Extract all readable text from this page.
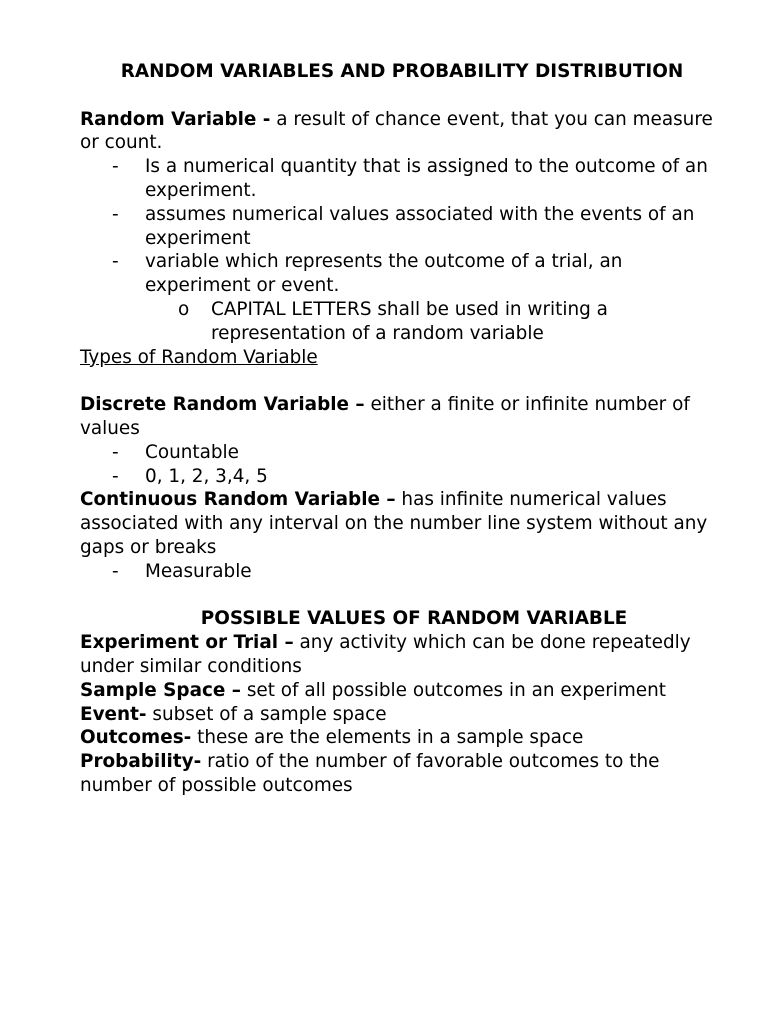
RANDOM VARIABLES AND PROBABILITY DISTRIBUTION

Random Variable - a result of chance event, that you can measure or count.

- Is a numerical quantity that is assigned to the outcome of an experiment.
- assumes numerical values associated with the events of an experiment
- variable which represents the outcome of a trial, an experiment or event.
o CAPITAL LETTERS shall be used in writing a representation of a random variable

Types of Random Variable

Discrete Random Variable – either a finite or infinite number of values

- Countable
- 0, 1, 2, 3,4, 5

Continuous Random Variable – has infinite numerical values associated with any interval on the number line system without any gaps or breaks

- Measurable

POSSIBLE VALUES OF RANDOM VARIABLE

Experiment or Trial – any activity which can be done repeatedly under similar conditions

Sample Space – set of all possible outcomes in an experiment

Event- subset of a sample space

Outcomes- these are the elements in a sample space

Probability- ratio of the number of favorable outcomes to the number of possible outcomes
